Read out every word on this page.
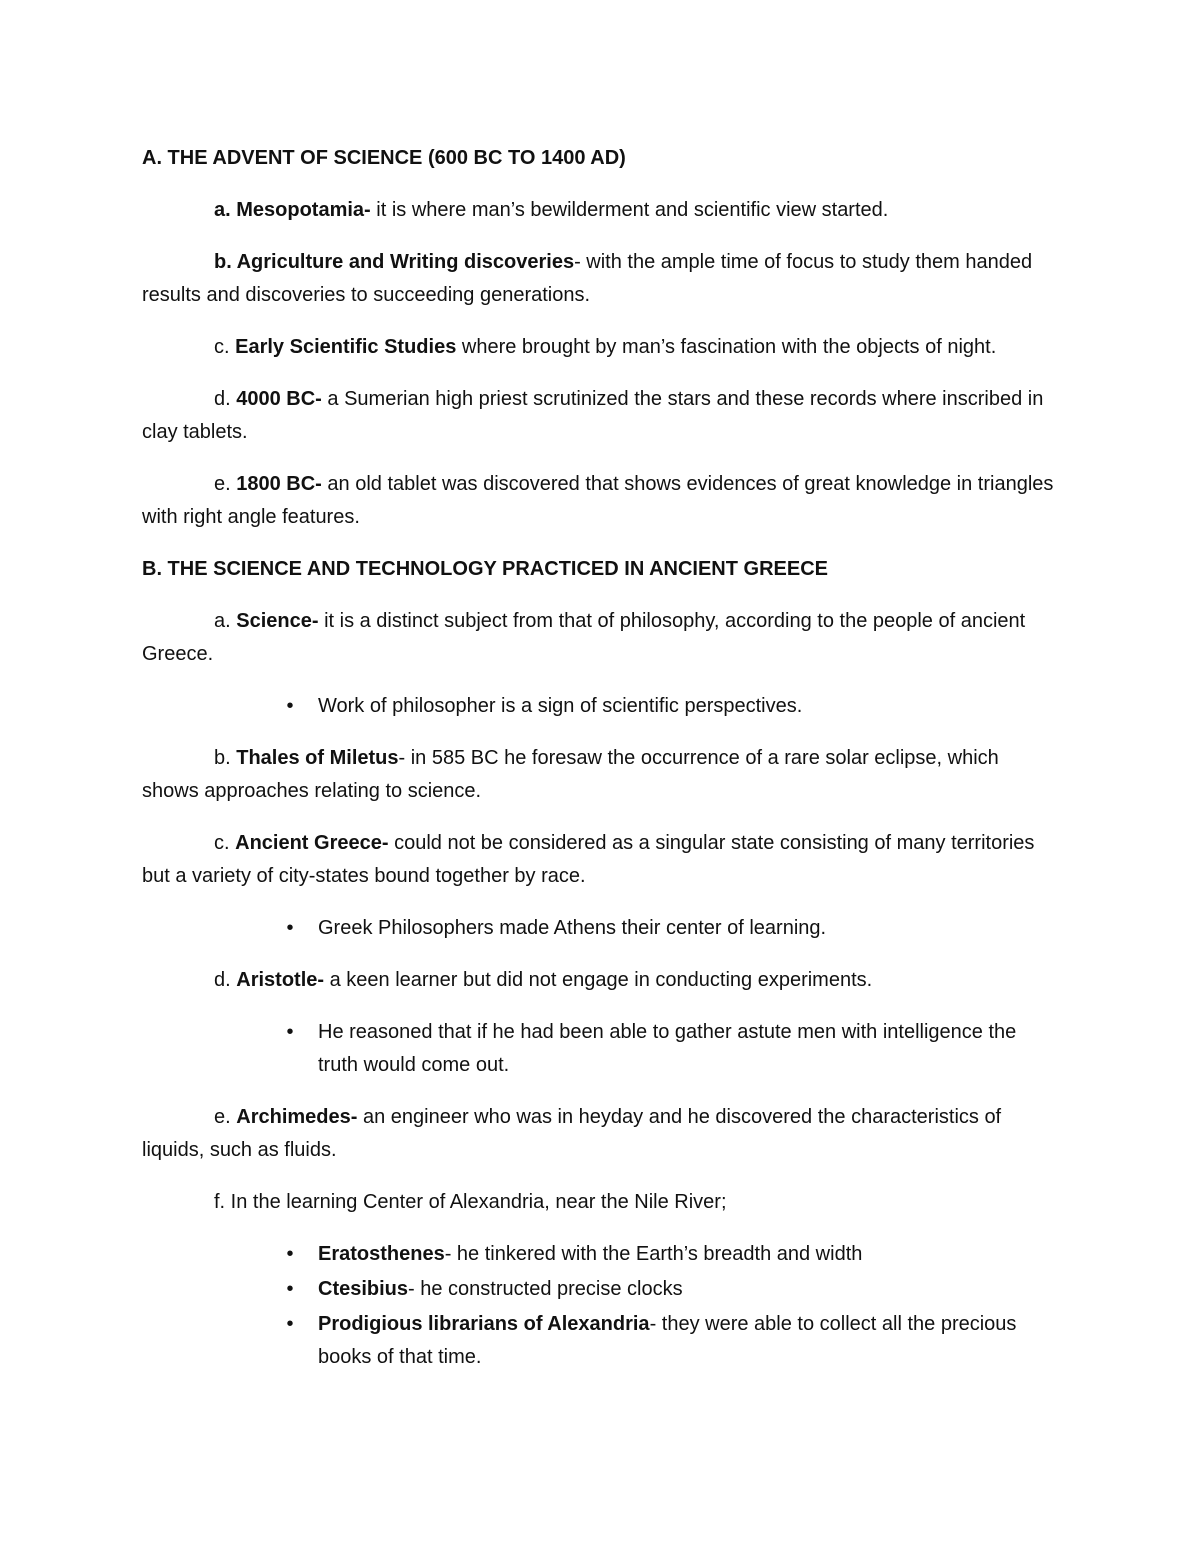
A. THE ADVENT OF SCIENCE (600 BC TO 1400 AD)

a. Mesopotamia- it is where man’s bewilderment and scientific view started.

b. Agriculture and Writing discoveries- with the ample time of focus to study them handed results and discoveries to succeeding generations.

c. Early Scientific Studies where brought by man’s fascination with the objects of night.

d. 4000 BC- a Sumerian high priest scrutinized the stars and these records where inscribed in clay tablets.

e. 1800 BC- an old tablet was discovered that shows evidences of great knowledge in triangles with right angle features.

B. THE SCIENCE AND TECHNOLOGY PRACTICED IN ANCIENT GREECE

a. Science- it is a distinct subject from that of philosophy, according to the people of ancient Greece.

• Work of philosopher is a sign of scientific perspectives.

b. Thales of Miletus- in 585 BC he foresaw the occurrence of a rare solar eclipse, which shows approaches relating to science.

c. Ancient Greece- could not be considered as a singular state consisting of many territories but a variety of city-states bound together by race.

• Greek Philosophers made Athens their center of learning.

d. Aristotle- a keen learner but did not engage in conducting experiments.

• He reasoned that if he had been able to gather astute men with intelligence the truth would come out.

e. Archimedes- an engineer who was in heyday and he discovered the characteristics of liquids, such as fluids.

f. In the learning Center of Alexandria, near the Nile River;

• Eratosthenes- he tinkered with the Earth’s breadth and width
• Ctesibius- he constructed precise clocks
• Prodigious librarians of Alexandria- they were able to collect all the precious books of that time.
